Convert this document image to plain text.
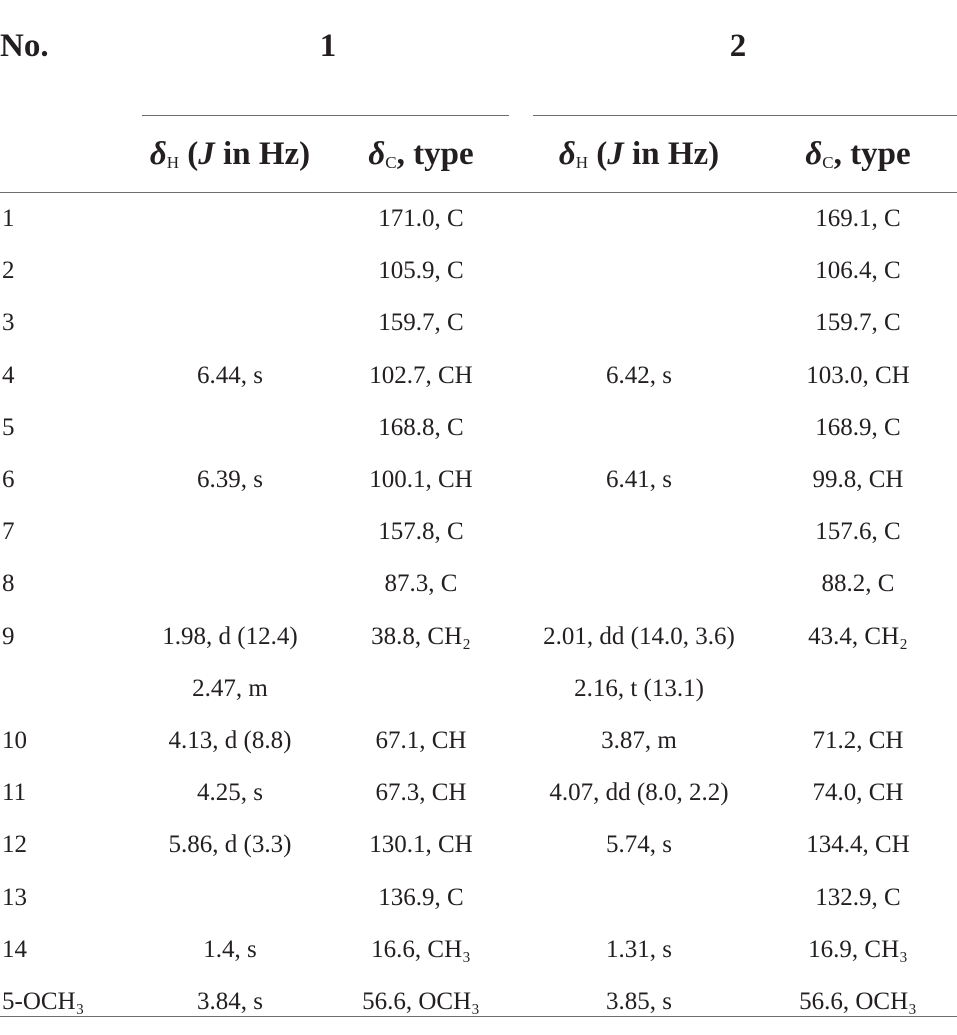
No.	1		2	

	$\delta_H$ (J in Hz)	$\delta_C$, type	$\delta_H$ (J in Hz)	$\delta_C$, type
1		171.0, C		169.1, C
2		105.9, C		106.4, C
3		159.7, C		159.7, C
4	6.44, s	102.7, CH	6.42, s	103.0, CH
5		168.8, C		168.9, C
6	6.39, s	100.1, CH	6.41, s	99.8, CH
7		157.8, C		157.6, C
8		87.3, C		88.2, C
9	1.98, d (12.4)	38.8, CH₂	2.01, dd (14.0, 3.6)	43.4, CH₂
	2.47, m		2.16, t (13.1)	
10	4.13, d (8.8)	67.1, CH	3.87, m	71.2, CH
11	4.25, s	67.3, CH	4.07, dd (8.0, 2.2)	74.0, CH
12	5.86, d (3.3)	130.1, CH	5.74, s	134.4, CH
13		136.9, C		132.9, C
14	1.4, s	16.6, CH₃	1.31, s	16.9, CH₃
5-OCH₃	3.84, s	56.6, OCH₃	3.85, s	56.6, OCH₃
